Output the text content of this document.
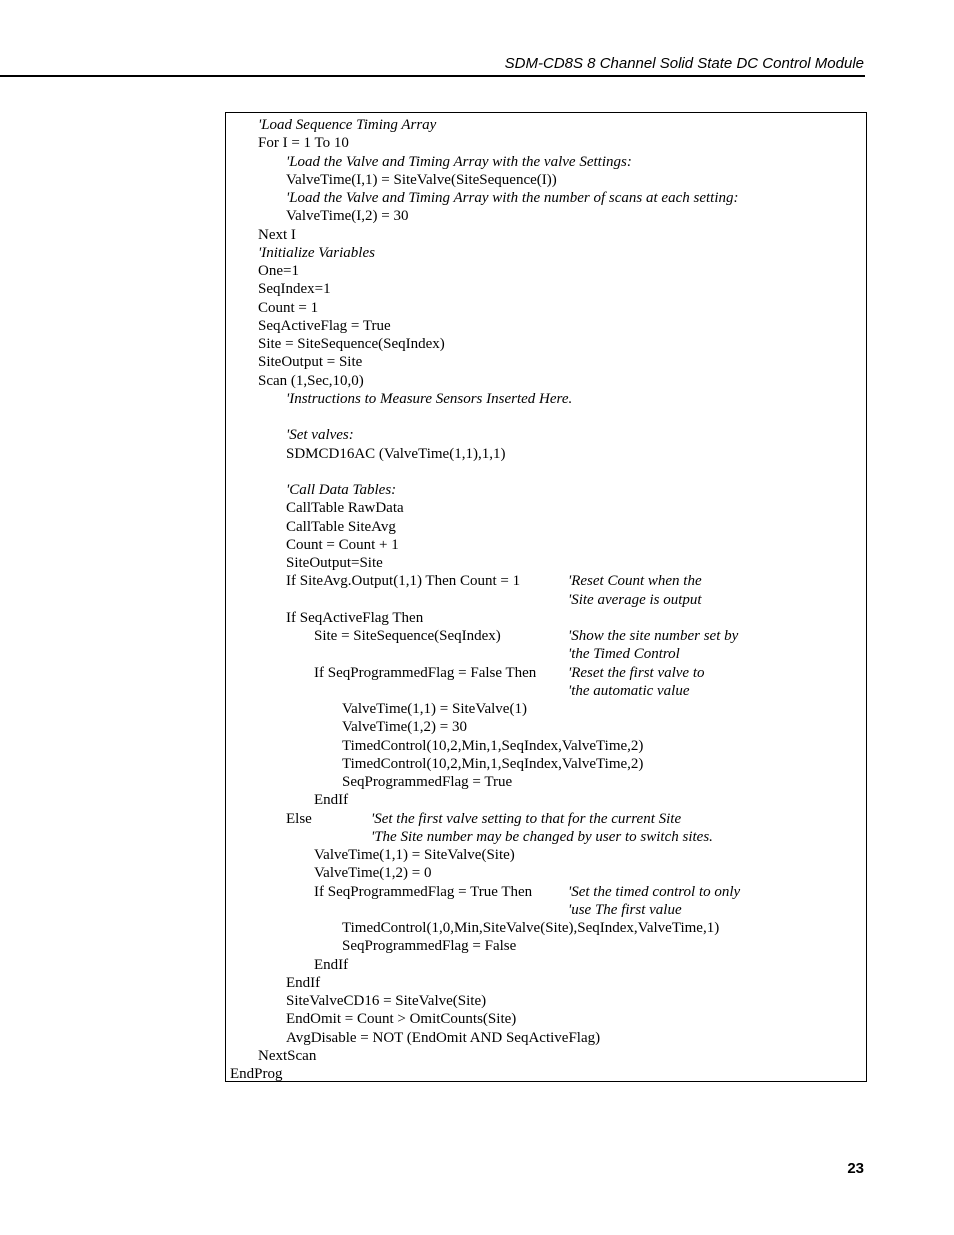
SDM-CD8S 8 Channel Solid State DC Control Module
'Load Sequence Timing Array
For I = 1 To 10
'Load the Valve and Timing Array with the valve Settings:
ValveTime(I,1) = SiteValve(SiteSequence(I))
'Load the Valve and Timing Array with the number of scans at each setting:
ValveTime(I,2) = 30
Next I
'Initialize Variables
One=1
SeqIndex=1
Count = 1
SeqActiveFlag = True
Site = SiteSequence(SeqIndex)
SiteOutput = Site
Scan (1,Sec,10,0)
'Instructions to Measure Sensors Inserted Here.
'Set valves:
SDMCD16AC (ValveTime(1,1),1,1)
'Call Data Tables:
CallTable RawData
CallTable SiteAvg
Count = Count + 1
SiteOutput=Site
If SiteAvg.Output(1,1) Then Count = 1	'Reset Count when the
'Site average is output
If SeqActiveFlag Then
Site = SiteSequence(SeqIndex)	'Show the site number set by
'the Timed Control
If SeqProgrammedFlag = False Then 'Reset the first valve to
'the automatic value
ValveTime(1,1) = SiteValve(1)
ValveTime(1,2) = 30
TimedControl(10,2,Min,1,SeqIndex,ValveTime,2)
TimedControl(10,2,Min,1,SeqIndex,ValveTime,2)
SeqProgrammedFlag = True
EndIf
Else	'Set the first valve setting to that for the current Site
'The Site number may be changed by user to switch sites.
ValveTime(1,1) = SiteValve(Site)
ValveTime(1,2) = 0
If SeqProgrammedFlag = True Then 'Set the timed control to only
'use The first value
TimedControl(1,0,Min,SiteValve(Site),SeqIndex,ValveTime,1)
SeqProgrammedFlag = False
EndIf
EndIf
SiteValveCD16 = SiteValve(Site)
EndOmit = Count > OmitCounts(Site)
AvgDisable = NOT (EndOmit AND SeqActiveFlag)
NextScan
EndProg
23
